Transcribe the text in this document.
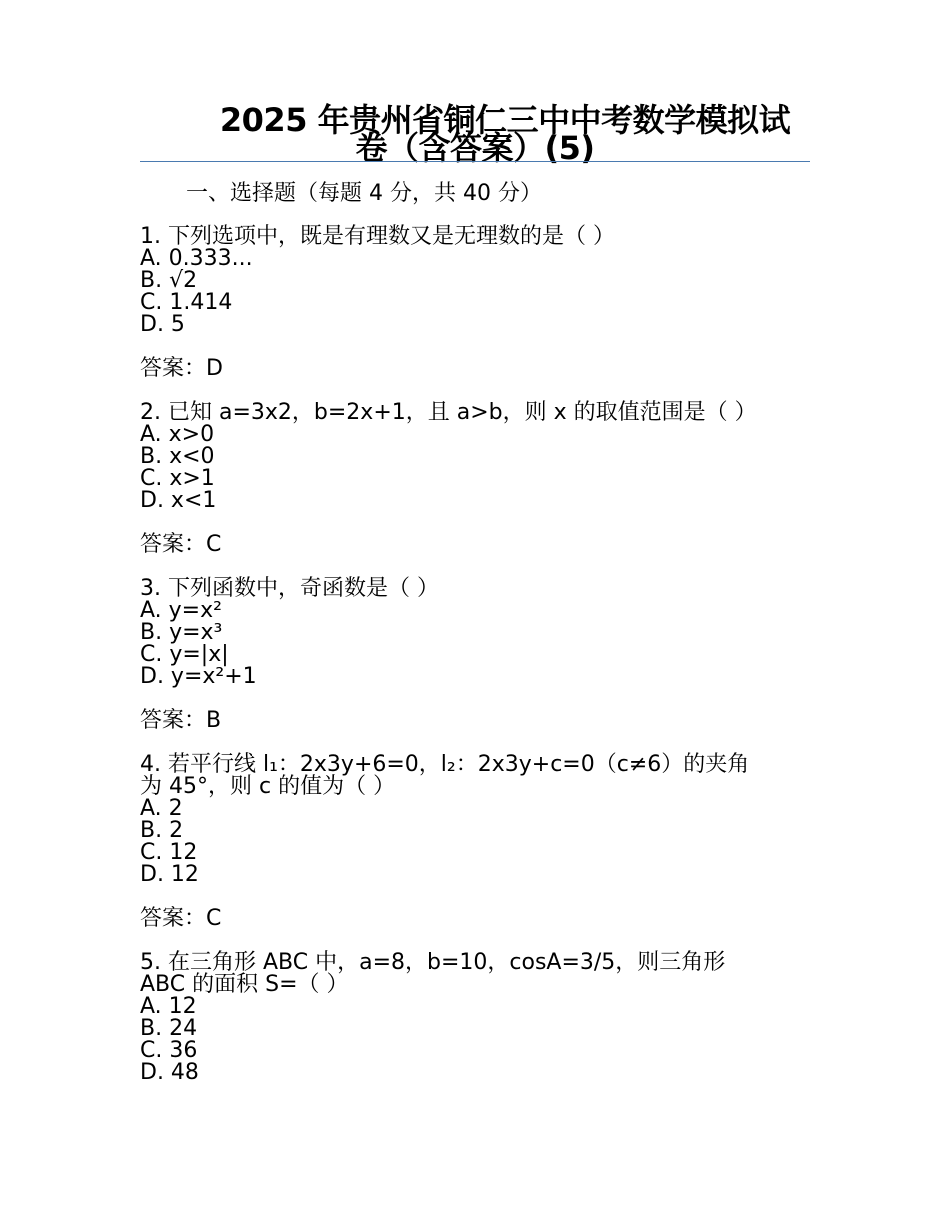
2025 年贵州省铜仁三中中考数学模拟试
卷（含答案）(5)
一、选择题（每题 4 分，共 40 分）
1. 下列选项中，既是有理数又是无理数的是（ ）
A. 0.333...
B. √2
C. 1.414
D. 5
答案：D
2. 已知 a=3x2，b=2x+1，且 a>b，则 x 的取值范围是（ ）
A. x>0
B. x<0
C. x>1
D. x<1
答案：C
3. 下列函数中，奇函数是（ ）
A. y=x²
B. y=x³
C. y=|x|
D. y=x²+1
答案：B
4. 若平行线 l₁：2x3y+6=0，l₂：2x3y+c=0（c≠6）的夹角
为 45°，则 c 的值为（ ）
A. 2
B. 2
C. 12
D. 12
答案：C
5. 在三角形 ABC 中，a=8，b=10，cosA=3/5，则三角形
ABC 的面积 S=（ ）
A. 12
B. 24
C. 36
D. 48
